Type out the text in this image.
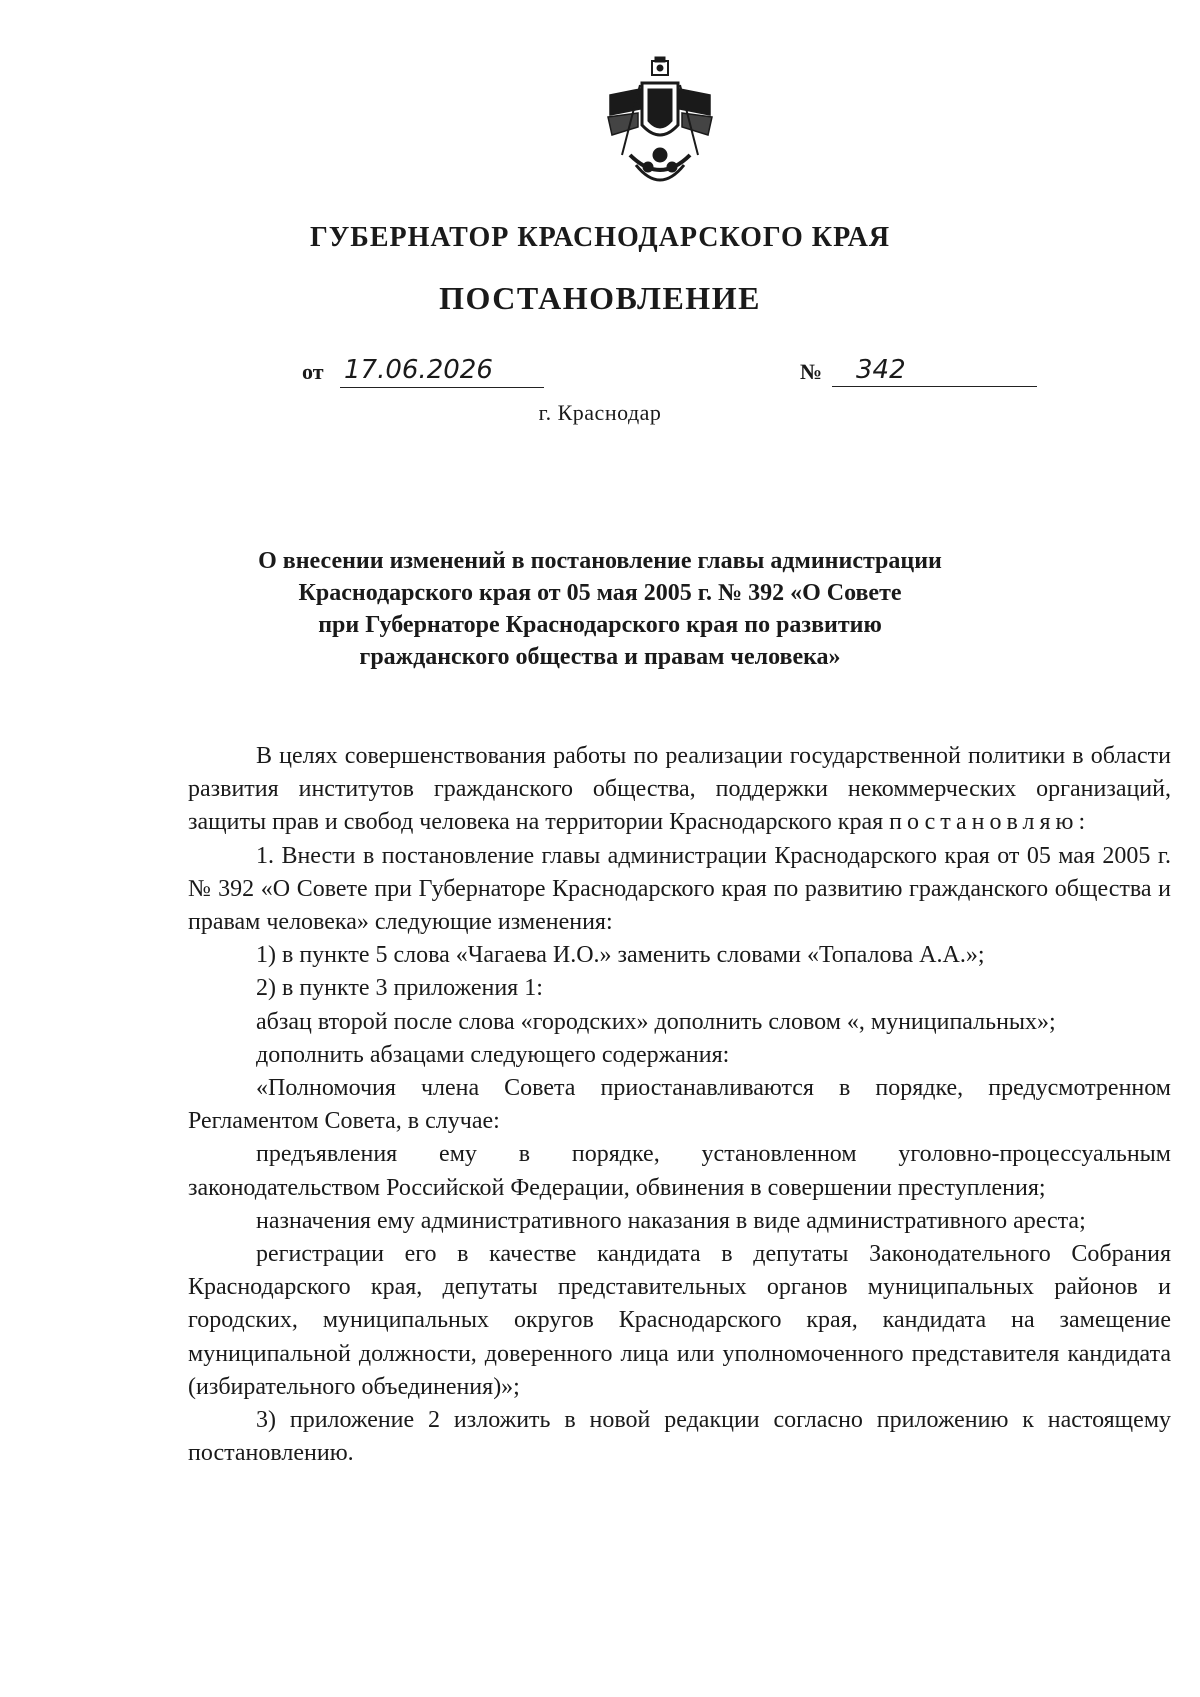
ГУБЕРНАТОР КРАСНОДАРСКОГО КРАЯ
ПОСТАНОВЛЕНИЕ
от 17.06.2026	№	342
г. Краснодар
О внесении изменений в постановление главы администрации
Краснодарского края от 05 мая 2005 г. № 392 «О Совете
при Губернаторе Краснодарского края по развитию
гражданского общества и правам человека»

В целях совершенствования работы по реализации государственной политики в области развития институтов гражданского общества, поддержки некоммерческих организаций, защиты прав и свобод человека на территории Краснодарского края постановляю:

1. Внести в постановление главы администрации Краснодарского края от 05 мая 2005 г. № 392 «О Совете при Губернаторе Краснодарского края по развитию гражданского общества и правам человека» следующие изменения:

1) в пункте 5 слова «Чагаева И.О.» заменить словами «Топалова А.А.»;

2) в пункте 3 приложения 1:

абзац второй после слова «городских» дополнить словом «, муниципальных»;

дополнить абзацами следующего содержания:

«Полномочия члена Совета приостанавливаются в порядке, предусмотренном Регламентом Совета, в случае:

предъявления ему в порядке, установленном уголовно-процессуальным законодательством Российской Федерации, обвинения в совершении преступления;

назначения ему административного наказания в виде административного ареста;

регистрации его в качестве кандидата в депутаты Законодательного Собрания Краснодарского края, депутаты представительных органов муниципальных районов и городских, муниципальных округов Краснодарского края, кандидата на замещение муниципальной должности, доверенного лица или уполномоченного представителя кандидата (избирательного объединения)»;

3) приложение 2 изложить в новой редакции согласно приложению к настоящему постановлению.
